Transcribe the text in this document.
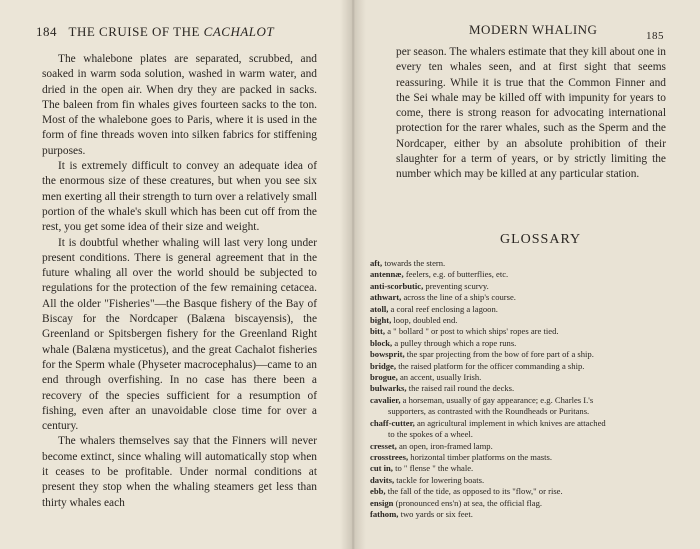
184 THE CRUISE OF THE CACHALOT

The whalebone plates are separated, scrubbed, and soaked in warm soda solution, washed in warm water, and dried in the open air. When dry they are packed in sacks. The baleen from fin whales gives fourteen sacks to the ton. Most of the whalebone goes to Paris, where it is used in the form of fine threads woven into silken fabrics for stiffening purposes.

It is extremely difficult to convey an adequate idea of the enormous size of these creatures, but when you see six men exerting all their strength to turn over a relatively small portion of the whale's skull which has been cut off from the rest, you get some idea of their size and weight.

It is doubtful whether whaling will last very long under present conditions. There is general agreement that in the future whaling all over the world should be subjected to regulations for the protection of the few remaining cetacea. All the older "Fisheries"—the Basque fishery of the Bay of Biscay for the Nordcaper (Balæna biscayensis), the Greenland or Spitsbergen fishery for the Greenland Right whale (Balæna mysticetus), and the great Cachalot fisheries for the Sperm whale (Physeter macrocephalus)—came to an end through overfishing. In no case has there been a recovery of the species sufficient for a resumption of fishing, even after an unavoidable close time for over a century.

The whalers themselves say that the Finners will never become extinct, since whaling will automatically stop when it ceases to be profitable. Under normal conditions at present they stop when the whaling steamers get less than thirty whales each

MODERN WHALING	185

per season. The whalers estimate that they kill about one in every ten whales seen, and at first sight that seems reassuring. While it is true that the Common Finner and the Sei whale may be killed off with impunity for years to come, there is strong reason for advocating international protection for the rarer whales, such as the Sperm and the Nordcaper, either by an absolute prohibition of their slaughter for a term of years, or by strictly limiting the number which may be killed at any particular station.

GLOSSARY
aft, towards the stern.
antennæ, feelers, e.g. of butterflies, etc.
anti-scorbutic, preventing scurvy.
athwart, across the line of a ship's course.
atoll, a coral reef enclosing a lagoon.
bight, loop, doubled end.
bitt, a " bollard " or post to which ships' ropes are tied.
block, a pulley through which a rope runs.
bowsprit, the spar projecting from the bow of fore part of a ship.
bridge, the raised platform for the officer commanding a ship.
brogue, an accent, usually Irish.
bulwarks, the raised rail round the decks.
cavalier, a horseman, usually of gay appearance; e.g. Charles I.'s
supporters, as contrasted with the Roundheads or Puritans.
chaff-cutter, an agricultural implement in which knives are attached
to the spokes of a wheel.
cresset, an open, iron-framed lamp.
crosstrees, horizontal timber platforms on the masts.
cut in, to " flense " the whale.
davits, tackle for lowering boats.
ebb, the fall of the tide, as opposed to its "flow," or rise.
ensign (pronounced ens'n) at sea, the official flag.
fathom, two yards or six feet.
